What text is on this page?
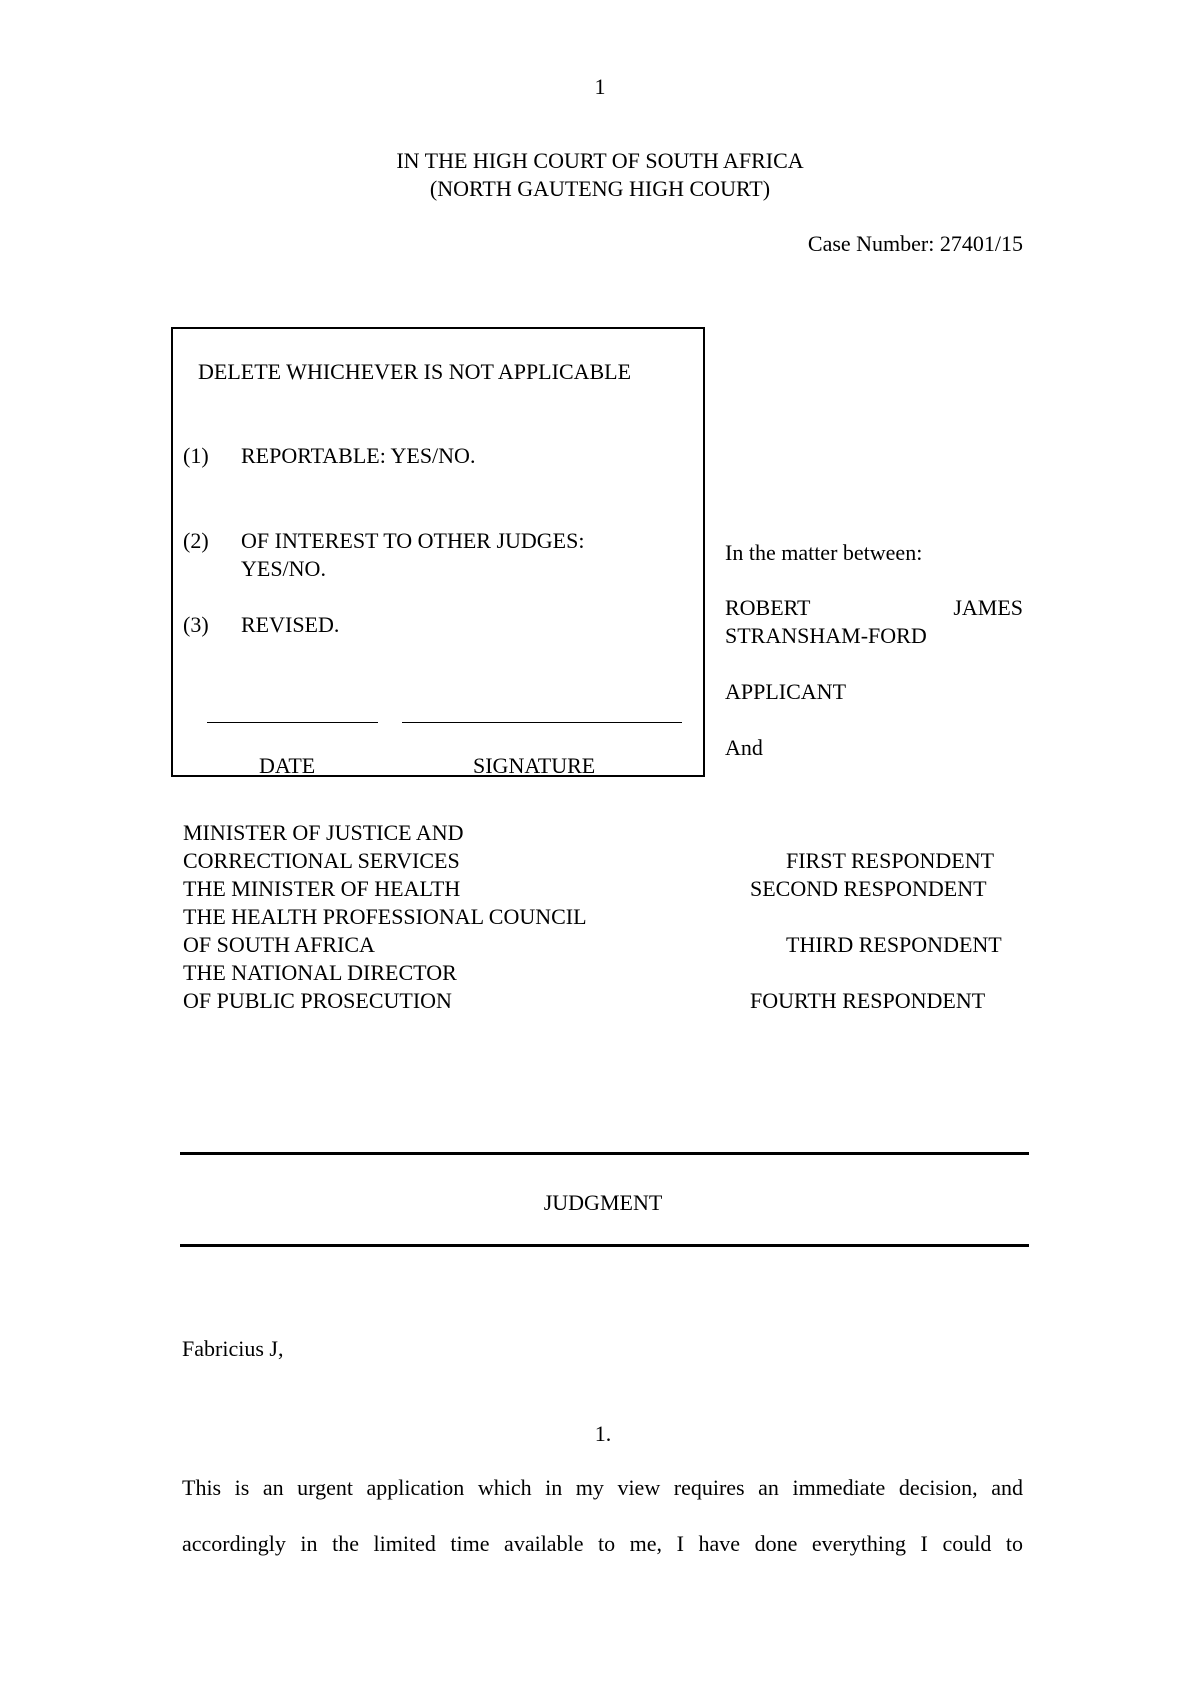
1
IN THE HIGH COURT OF SOUTH AFRICA
(NORTH GAUTENG HIGH COURT)
Case Number: 27401/15
DELETE WHICHEVER IS NOT APPLICABLE
(1) REPORTABLE: YES/NO.
(2) OF INTEREST TO OTHER JUDGES:
YES/NO.
(3) REVISED.
DATE	SIGNATURE
In the matter between:
ROBERT	JAMES
STRANSHAM-FORD
APPLICANT
And
MINISTER OF JUSTICE AND
CORRECTIONAL SERVICES	FIRST RESPONDENT
THE MINISTER OF HEALTH	SECOND RESPONDENT
THE HEALTH PROFESSIONAL COUNCIL
OF SOUTH AFRICA	THIRD RESPONDENT
THE NATIONAL DIRECTOR
OF PUBLIC PROSECUTION	FOURTH RESPONDENT
JUDGMENT
Fabricius J,
1.
This is an urgent application which in my view requires an immediate decision, and
accordingly in the limited time available to me, I have done everything I could to
